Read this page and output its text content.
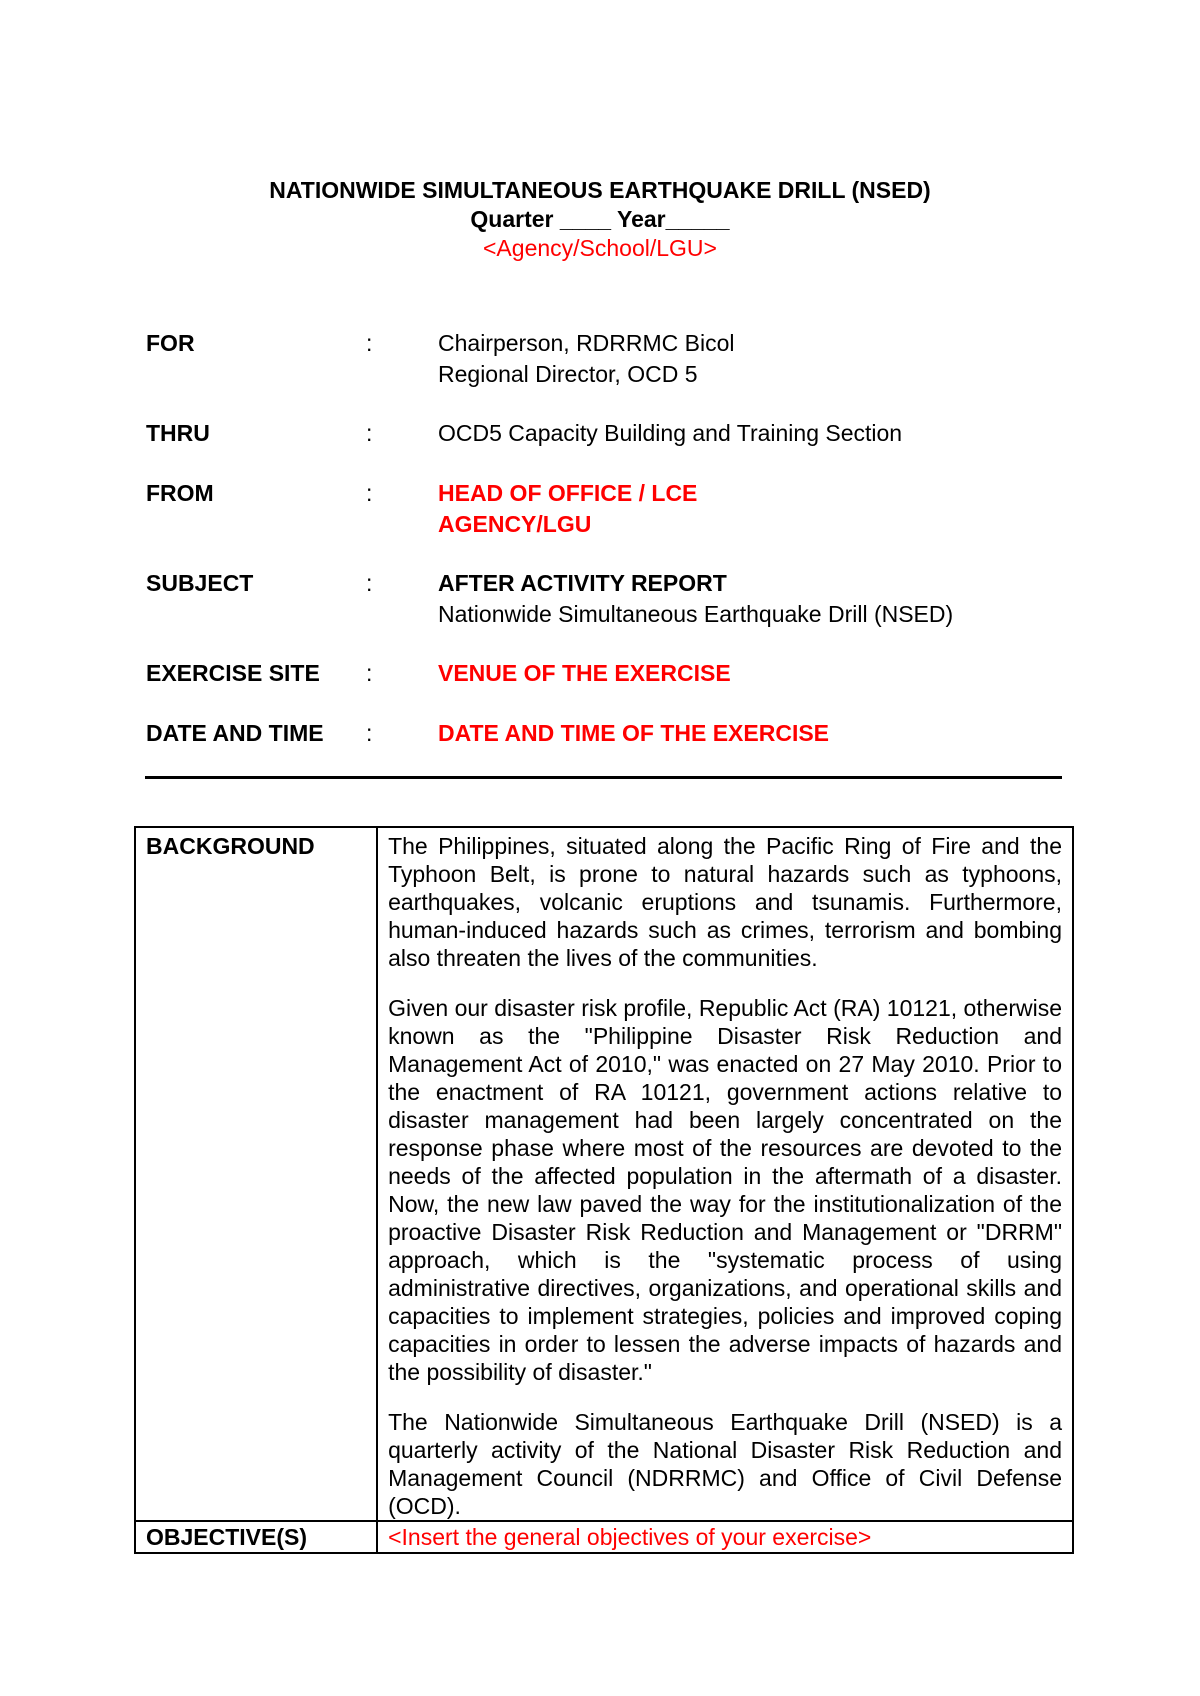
NATIONWIDE SIMULTANEOUS EARTHQUAKE DRILL (NSED)
Quarter ____ Year_____
<Agency/School/LGU>
FOR	:	Chairperson, RDRRMC Bicol
Regional Director, OCD 5
THRU	:	OCD5 Capacity Building and Training Section
FROM	:	HEAD OF OFFICE / LCE
AGENCY/LGU
SUBJECT	:	AFTER ACTIVITY REPORT
Nationwide Simultaneous Earthquake Drill (NSED)
EXERCISE SITE :	VENUE OF THE EXERCISE
DATE AND TIME :	DATE AND TIME OF THE EXERCISE
BACKGROUND	The Philippines, situated along the Pacific Ring of Fire and the Typhoon Belt, is prone to natural hazards such as typhoons, earthquakes, volcanic eruptions and tsunamis. Furthermore, human-induced hazards such as crimes, terrorism and bombing also threaten the lives of the communities.

Given our disaster risk profile, Republic Act (RA) 10121, otherwise known as the "Philippine Disaster Risk Reduction and Management Act of 2010," was enacted on 27 May 2010. Prior to the enactment of RA 10121, government actions relative to disaster management had been largely concentrated on the response phase where most of the resources are devoted to the needs of the affected population in the aftermath of a disaster. Now, the new law paved the way for the institutionalization of the proactive Disaster Risk Reduction and Management or "DRRM" approach, which is the "systematic process of using administrative directives, organizations, and operational skills and capacities to implement strategies, policies and improved coping capacities in order to lessen the adverse impacts of hazards and the possibility of disaster."

The Nationwide Simultaneous Earthquake Drill (NSED) is a quarterly activity of the National Disaster Risk Reduction and Management Council (NDRRMC) and Office of Civil Defense (OCD).

OBJECTIVE(S)	<Insert the general objectives of your exercise>
